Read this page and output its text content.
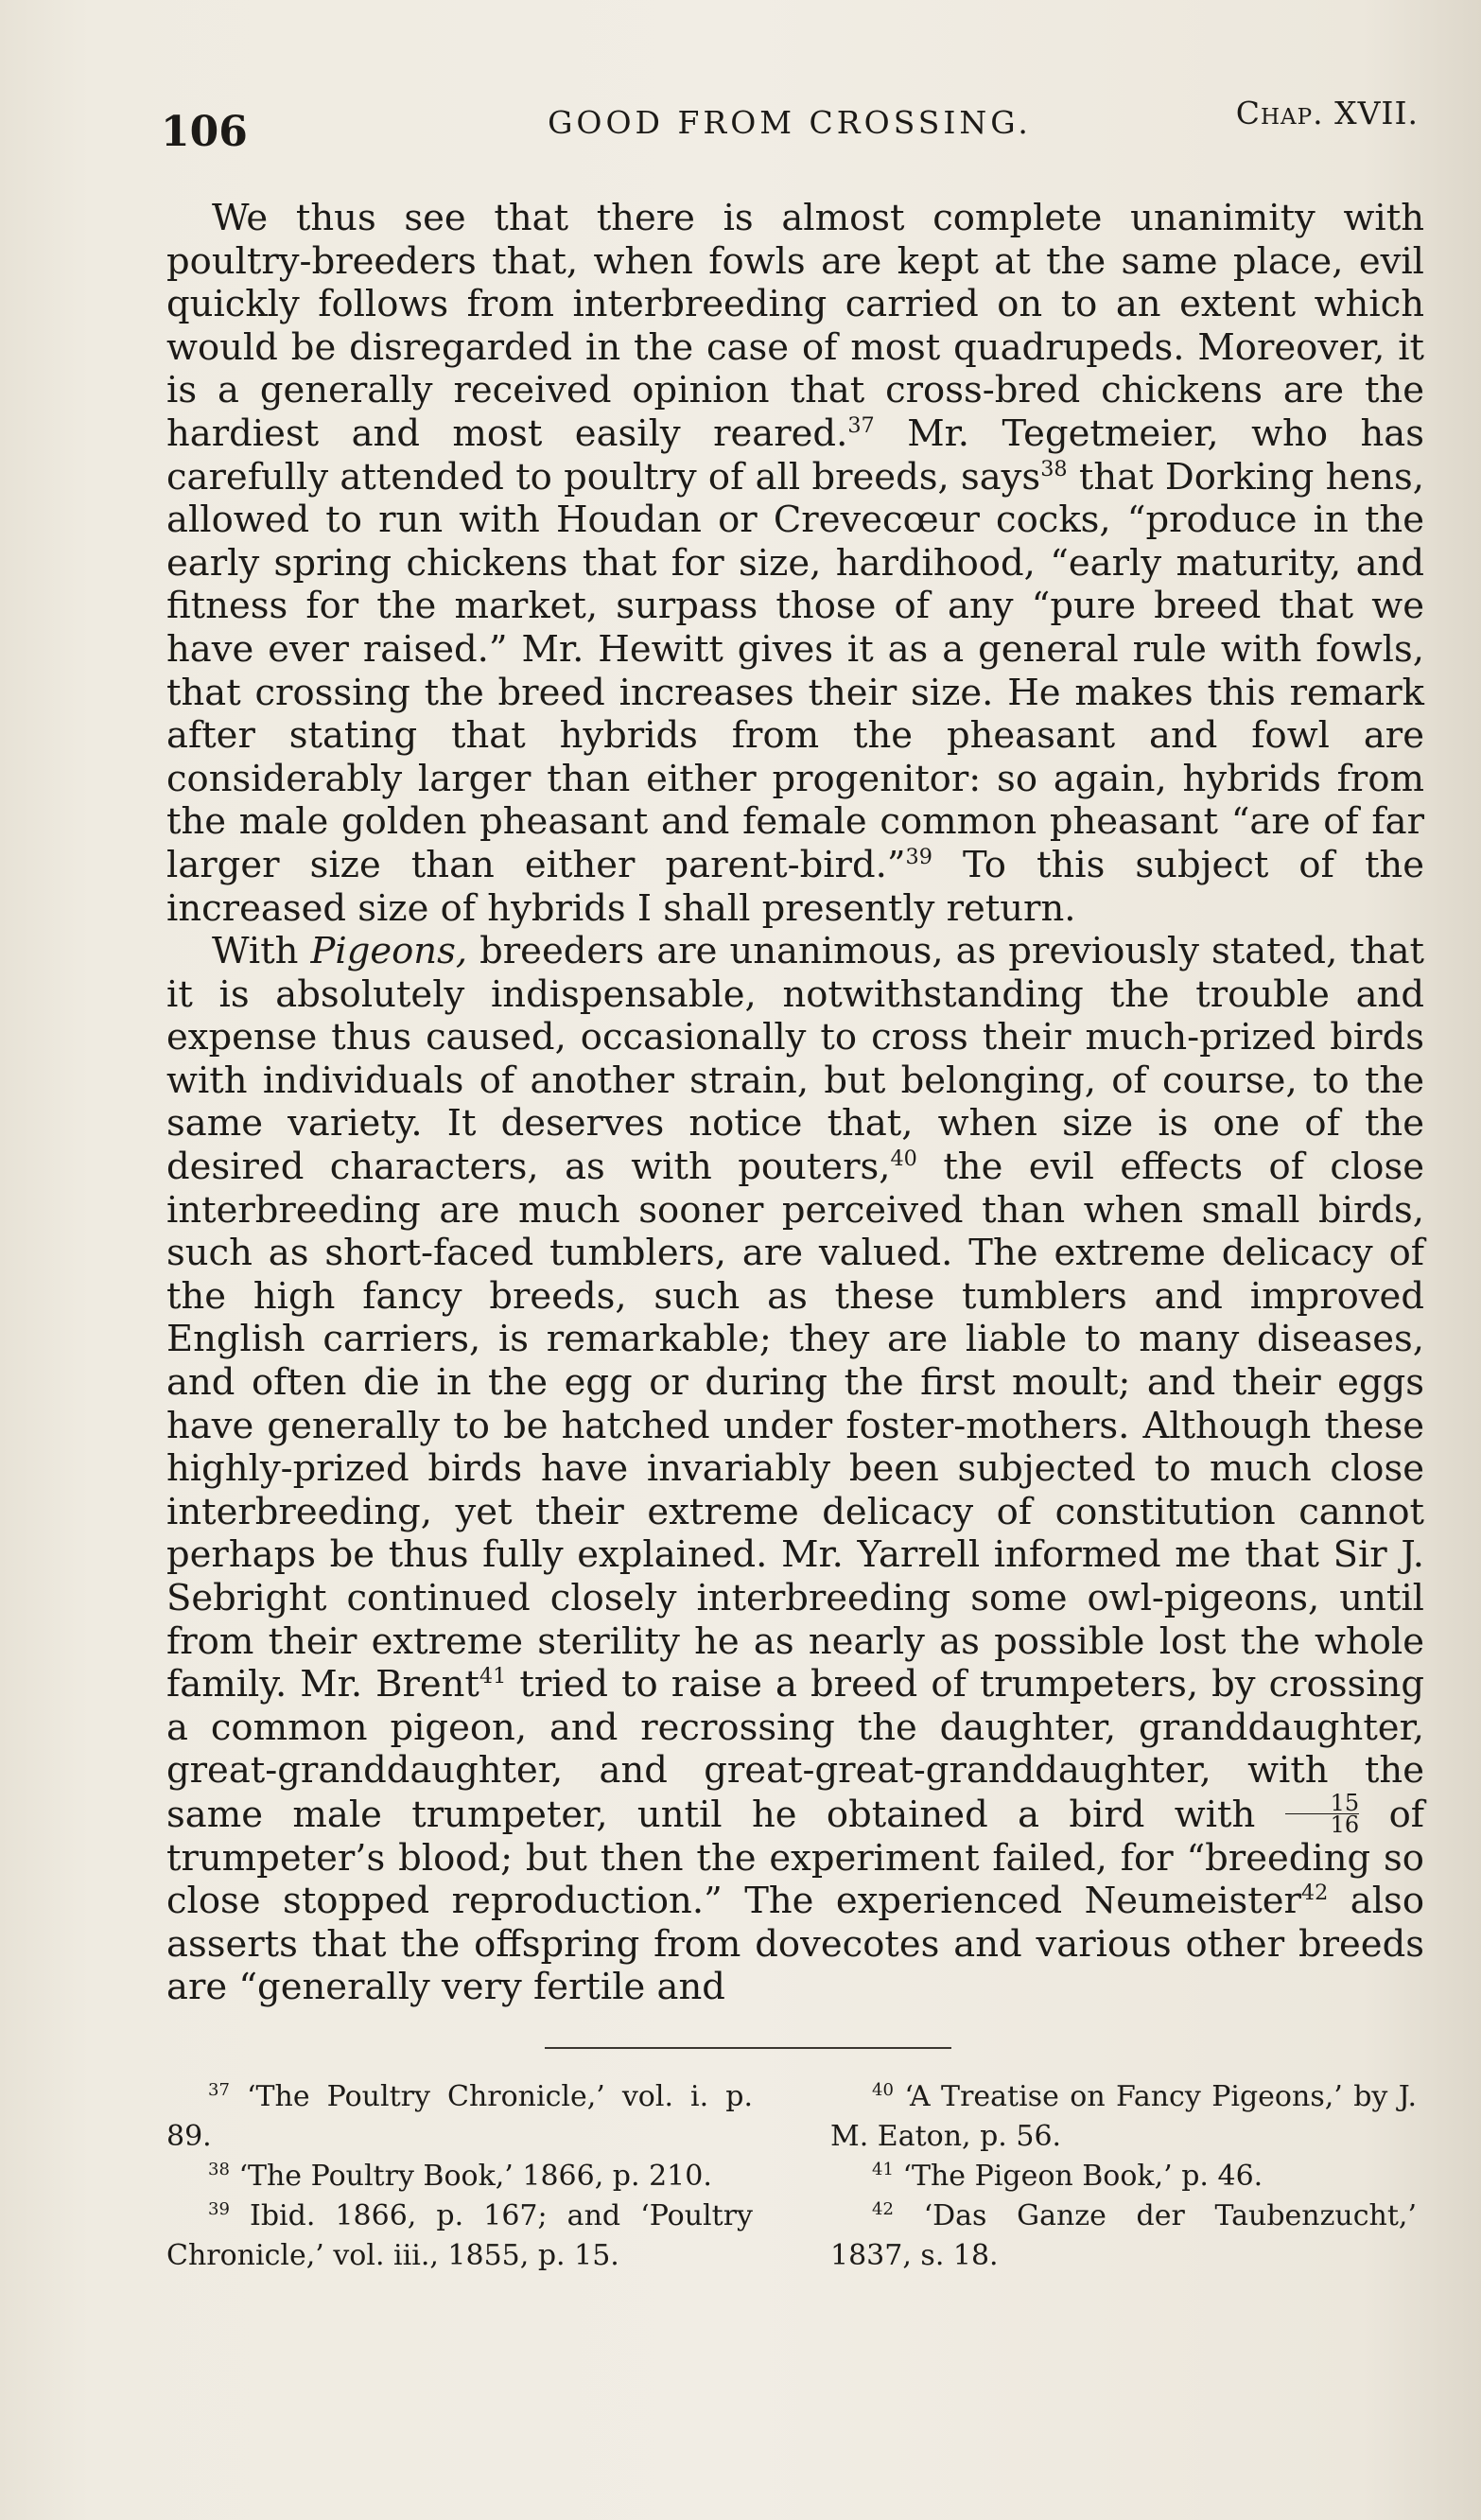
106	GOOD FROM CROSSING.	Chap. XVII.

We thus see that there is almost complete unanimity with poultry-breeders that, when fowls are kept at the same place, evil quickly follows from interbreeding carried on to an extent which would be disregarded in the case of most quadrupeds. Moreover, it is a generally received opinion that cross-bred chickens are the hardiest and most easily reared.$^{37}$ Mr. Tegetmeier, who has carefully attended to poultry of all breeds, says$^{38}$ that Dorking hens, allowed to run with Houdan or Crevecœur cocks, “produce in the early spring chickens that for size, hardihood, “early maturity, and fitness for the market, surpass those of any “pure breed that we have ever raised.” Mr. Hewitt gives it as a general rule with fowls, that crossing the breed increases their size. He makes this remark after stating that hybrids from the pheasant and fowl are considerably larger than either progenitor: so again, hybrids from the male golden pheasant and female common pheasant “are of far larger size than either parent-bird.”$^{39}$ To this subject of the increased size of hybrids I shall presently return.

With Pigeons, breeders are unanimous, as previously stated, that it is absolutely indispensable, notwithstanding the trouble and expense thus caused, occasionally to cross their much-prized birds with individuals of another strain, but belonging, of course, to the same variety. It deserves notice that, when size is one of the desired characters, as with pouters,$^{40}$ the evil effects of close interbreeding are much sooner perceived than when small birds, such as short-faced tumblers, are valued. The extreme delicacy of the high fancy breeds, such as these tumblers and improved English carriers, is remarkable; they are liable to many diseases, and often die in the egg or during the first moult; and their eggs have generally to be hatched under foster-mothers. Although these highly-prized birds have invariably been subjected to much close interbreeding, yet their extreme delicacy of constitution cannot perhaps be thus fully explained. Mr. Yarrell informed me that Sir J. Sebright continued closely interbreeding some owl-pigeons, until from their extreme sterility he as nearly as possible lost the whole family. Mr. Brent$^{41}$ tried to raise a breed of trumpeters, by crossing a common pigeon, and recrossing the daughter, granddaughter, great-granddaughter, and great-great-granddaughter, with the same male trumpeter, until he obtained a bird with $\frac{15}{16}$ of trumpeter’s blood; but then the experiment failed, for “breeding so close stopped reproduction.” The experienced Neumeister$^{42}$ also asserts that the offspring from dovecotes and various other breeds are “generally very fertile and

$^{37}$ ‘The Poultry Chronicle,’ vol. i. p. 89.

$^{38}$ ‘The Poultry Book,’ 1866, p. 210.

$^{39}$ Ibid. 1866, p. 167; and ‘Poultry Chronicle,’ vol. iii., 1855, p. 15.

$^{40}$ ‘A Treatise on Fancy Pigeons,’ by J. M. Eaton, p. 56.

$^{41}$ ‘The Pigeon Book,’ p. 46.

$^{42}$ ‘Das Ganze der Taubenzucht,’ 1837, s. 18.
